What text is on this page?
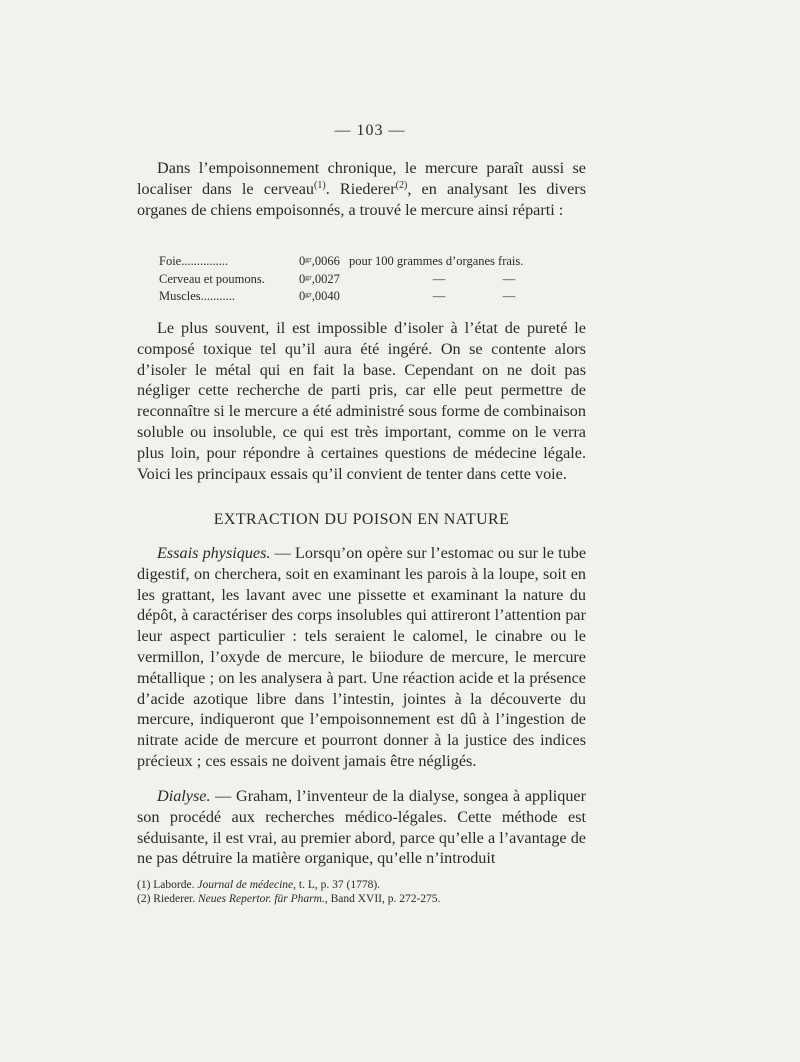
— 103 —

Dans l’empoisonnement chronique, le mercure paraît aussi se localiser dans le cerveau$^{(1)}$. Riederer$^{(2)}$, en analysant les divers organes de chiens empoisonnés, a trouvé le mercure ainsi réparti :

Foie...............	0ᵍʳ,0066 pour 100 grammes d’organes frais.
Cerveau et poumons.	0ᵍʳ,0027	—	—
Muscles...........	0ᵍʳ,0040	—	—

Le plus souvent, il est impossible d’isoler à l’état de pureté le composé toxique tel qu’il aura été ingéré. On se contente alors d’isoler le métal qui en fait la base. Cependant on ne doit pas négliger cette recherche de parti pris, car elle peut permettre de reconnaître si le mercure a été administré sous forme de combinaison soluble ou insoluble, ce qui est très important, comme on le verra plus loin, pour répondre à certaines questions de médecine légale. Voici les principaux essais qu’il convient de tenter dans cette voie.

EXTRACTION DU POISON EN NATURE

Essais physiques. — Lorsqu’on opère sur l’estomac ou sur le tube digestif, on cherchera, soit en examinant les parois à la loupe, soit en les grattant, les lavant avec une pissette et examinant la nature du dépôt, à caractériser des corps insolubles qui attireront l’attention par leur aspect particulier : tels seraient le calomel, le cinabre ou le vermillon, l’oxyde de mercure, le biiodure de mercure, le mercure métallique ; on les analysera à part. Une réaction acide et la présence d’acide azotique libre dans l’intestin, jointes à la découverte du mercure, indiqueront que l’empoisonnement est dû à l’ingestion de nitrate acide de mercure et pourront donner à la justice des indices précieux ; ces essais ne doivent jamais être négligés.

Dialyse. — Graham, l’inventeur de la dialyse, songea à appliquer son procédé aux recherches médico-légales. Cette méthode est séduisante, il est vrai, au premier abord, parce qu’elle a l’avantage de ne pas détruire la matière organique, qu’elle n’introduit

(1) Laborde. Journal de médecine, t. L, p. 37 (1778).
(2) Riederer. Neues Repertor. für Pharm., Band XVII, p. 272-275.
